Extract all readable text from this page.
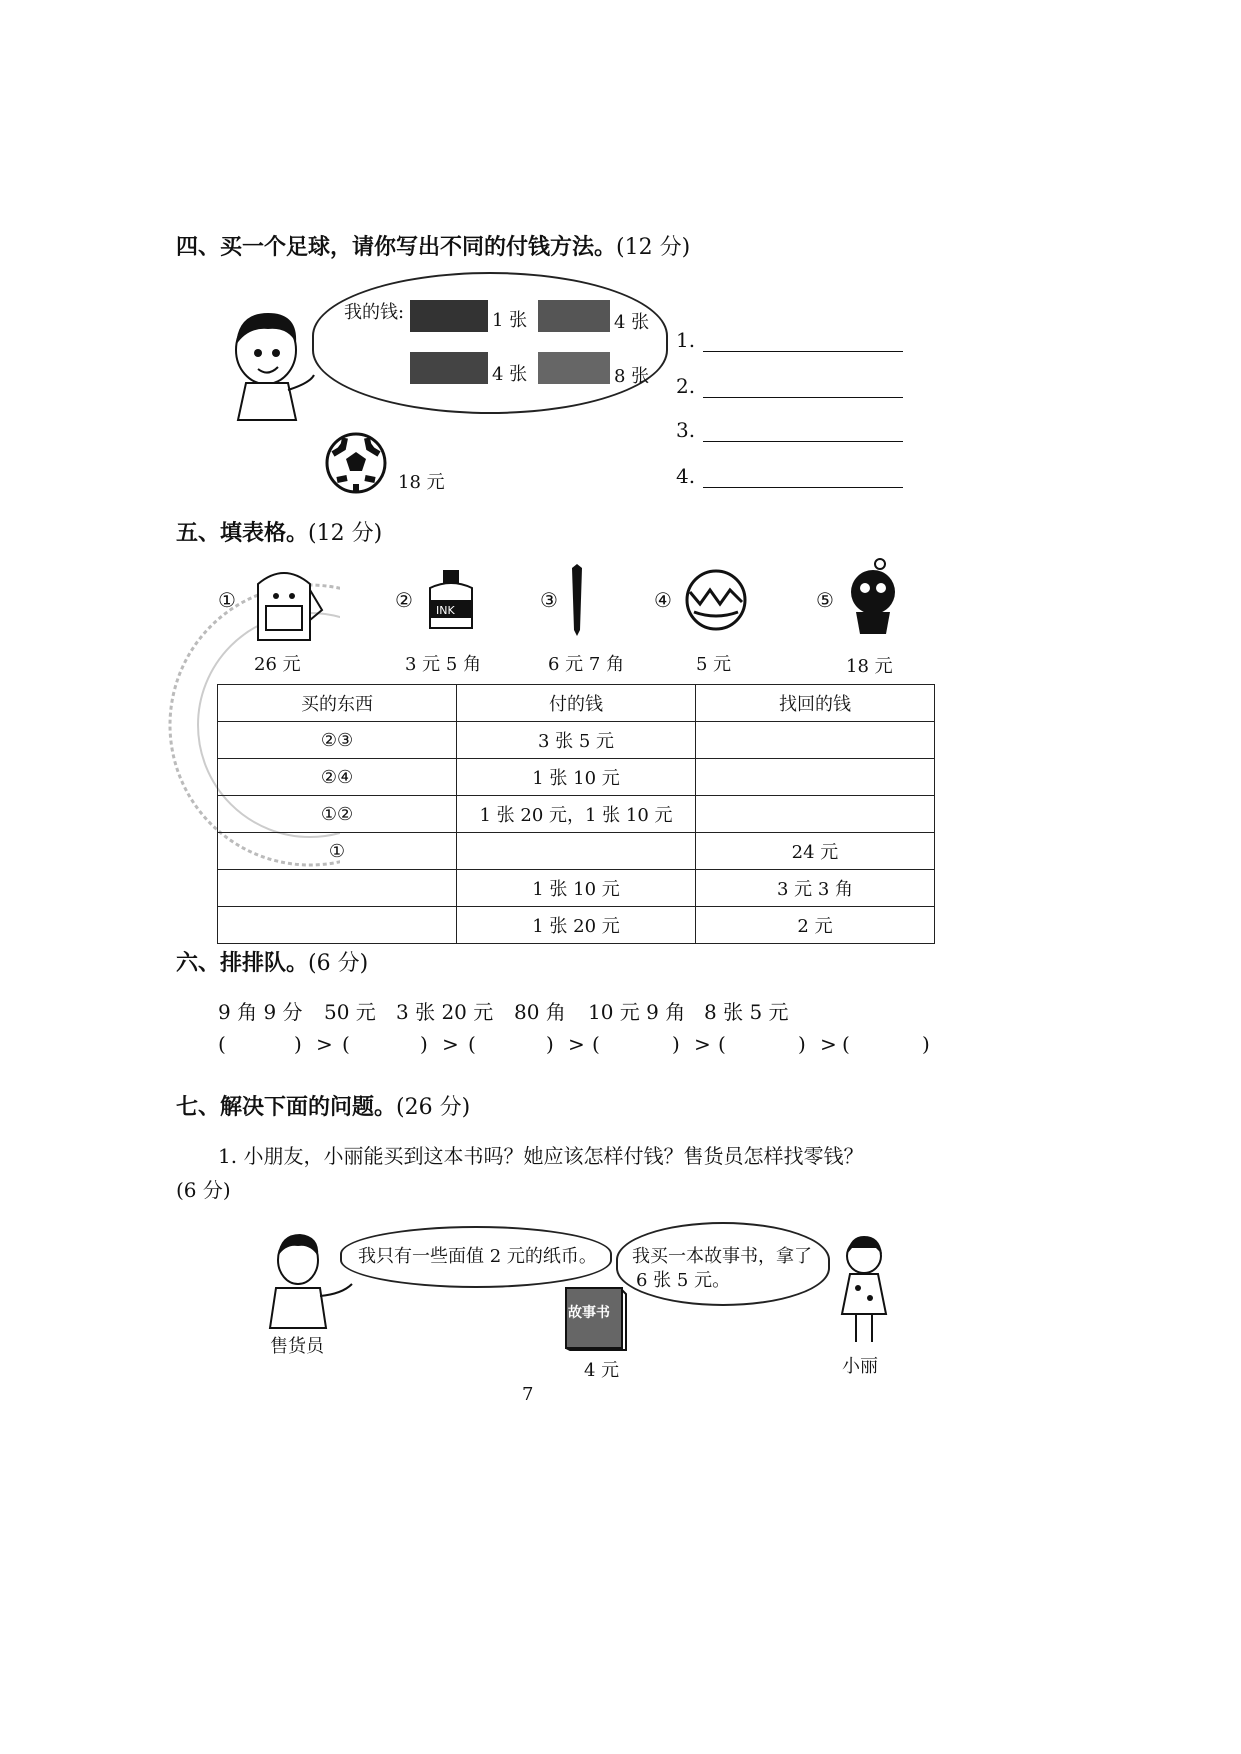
四、买一个足球，请你写出不同的付钱方法。(12 分)
我的钱:	1 张	4 张
4 张	8 张
18 元
1.
2.
3.
4.
五、填表格。(12 分)
①
26 元
② INK
3 元 5 角
③
6 元 7 角
④
5 元
⑤
18 元
买的东西	付的钱	找回的钱
②③	3 张 5 元	
②④	1 张 10 元	
①②	1 张 20 元，1 张 10 元	
①		24 元
	1 张 10 元	3 元 3 角
	1 张 20 元	2 元
六、排排队。(6 分)
9 角 9 分 50 元 3 张 20 元 80 角 10 元 9 角 8 张 5 元
(	) > (	) > (	) > (	) > (	) > (	)
七、解决下面的问题。(26 分)
1. 小朋友，小丽能买到这本书吗？她应该怎样付钱？售货员怎样找零钱？
(6 分)
售货员
我只有一些面值 2 元的纸币。
故事书
4 元
我买一本故事书，拿了
6 张 5 元。
小丽
7
